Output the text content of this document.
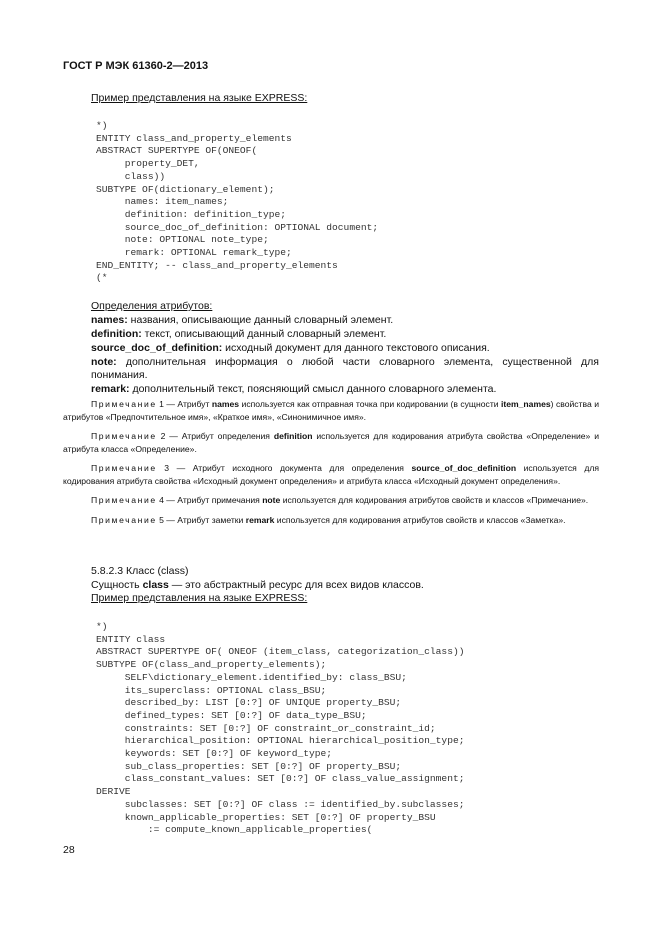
ГОСТ Р МЭК 61360-2—2013
Пример представления на языке EXPRESS:
*)
ENTITY class_and_property_elements
ABSTRACT SUPERTYPE OF(ONEOF(
property_DET,
class))
SUBTYPE OF(dictionary_element);
names: item_names;
definition: definition_type;
source_doc_of_definition: OPTIONAL document;
note: OPTIONAL note_type;
remark: OPTIONAL remark_type;
END_ENTITY; -- class_and_property_elements
(*
Определения атрибутов:

names: названия, описывающие данный словарный элемент.

definition: текст, описывающий данный словарный элемент.

source_doc_of_definition: исходный документ для данного текстового описания.

note: дополнительная информация о любой части словарного элемента, существенной для понимания.

remark: дополнительный текст, поясняющий смысл данного словарного элемента.

Примечание 1 — Атрибут names используется как отправная точка при кодировании (в сущности item_names) свойства и атрибутов «Предпочтительное имя», «Краткое имя», «Синонимичное имя».

Примечание 2 — Атрибут определения definition используется для кодирования атрибута свойства «Определение» и атрибута класса «Определение».

Примечание 3 — Атрибут исходного документа для определения source_of_doc_definition используется для кодирования атрибута свойства «Исходный документ определения» и атрибута класса «Исходный документ определения».

Примечание 4 — Атрибут примечания note используется для кодирования атрибутов свойств и классов «Примечание».

Примечание 5 — Атрибут заметки remark используется для кодирования атрибутов свойств и классов «Заметка».

5.8.2.3 Класс (class)
Сущность class — это абстрактный ресурс для всех видов классов.
Пример представления на языке EXPRESS:
*)
ENTITY class
ABSTRACT SUPERTYPE OF( ONEOF (item_class, categorization_class))
SUBTYPE OF(class_and_property_elements);
SELF\dictionary_element.identified_by: class_BSU;
its_superclass: OPTIONAL class_BSU;
described_by: LIST [0:?] OF UNIQUE property_BSU;
defined_types: SET [0:?] OF data_type_BSU;
constraints: SET [0:?] OF constraint_or_constraint_id;
hierarchical_position: OPTIONAL hierarchical_position_type;
keywords: SET [0:?] OF keyword_type;
sub_class_properties: SET [0:?] OF property_BSU;
class_constant_values: SET [0:?] OF class_value_assignment;
DERIVE
subclasses: SET [0:?] OF class := identified_by.subclasses;
known_applicable_properties: SET [0:?] OF property_BSU
:= compute_known_applicable_properties(
28
